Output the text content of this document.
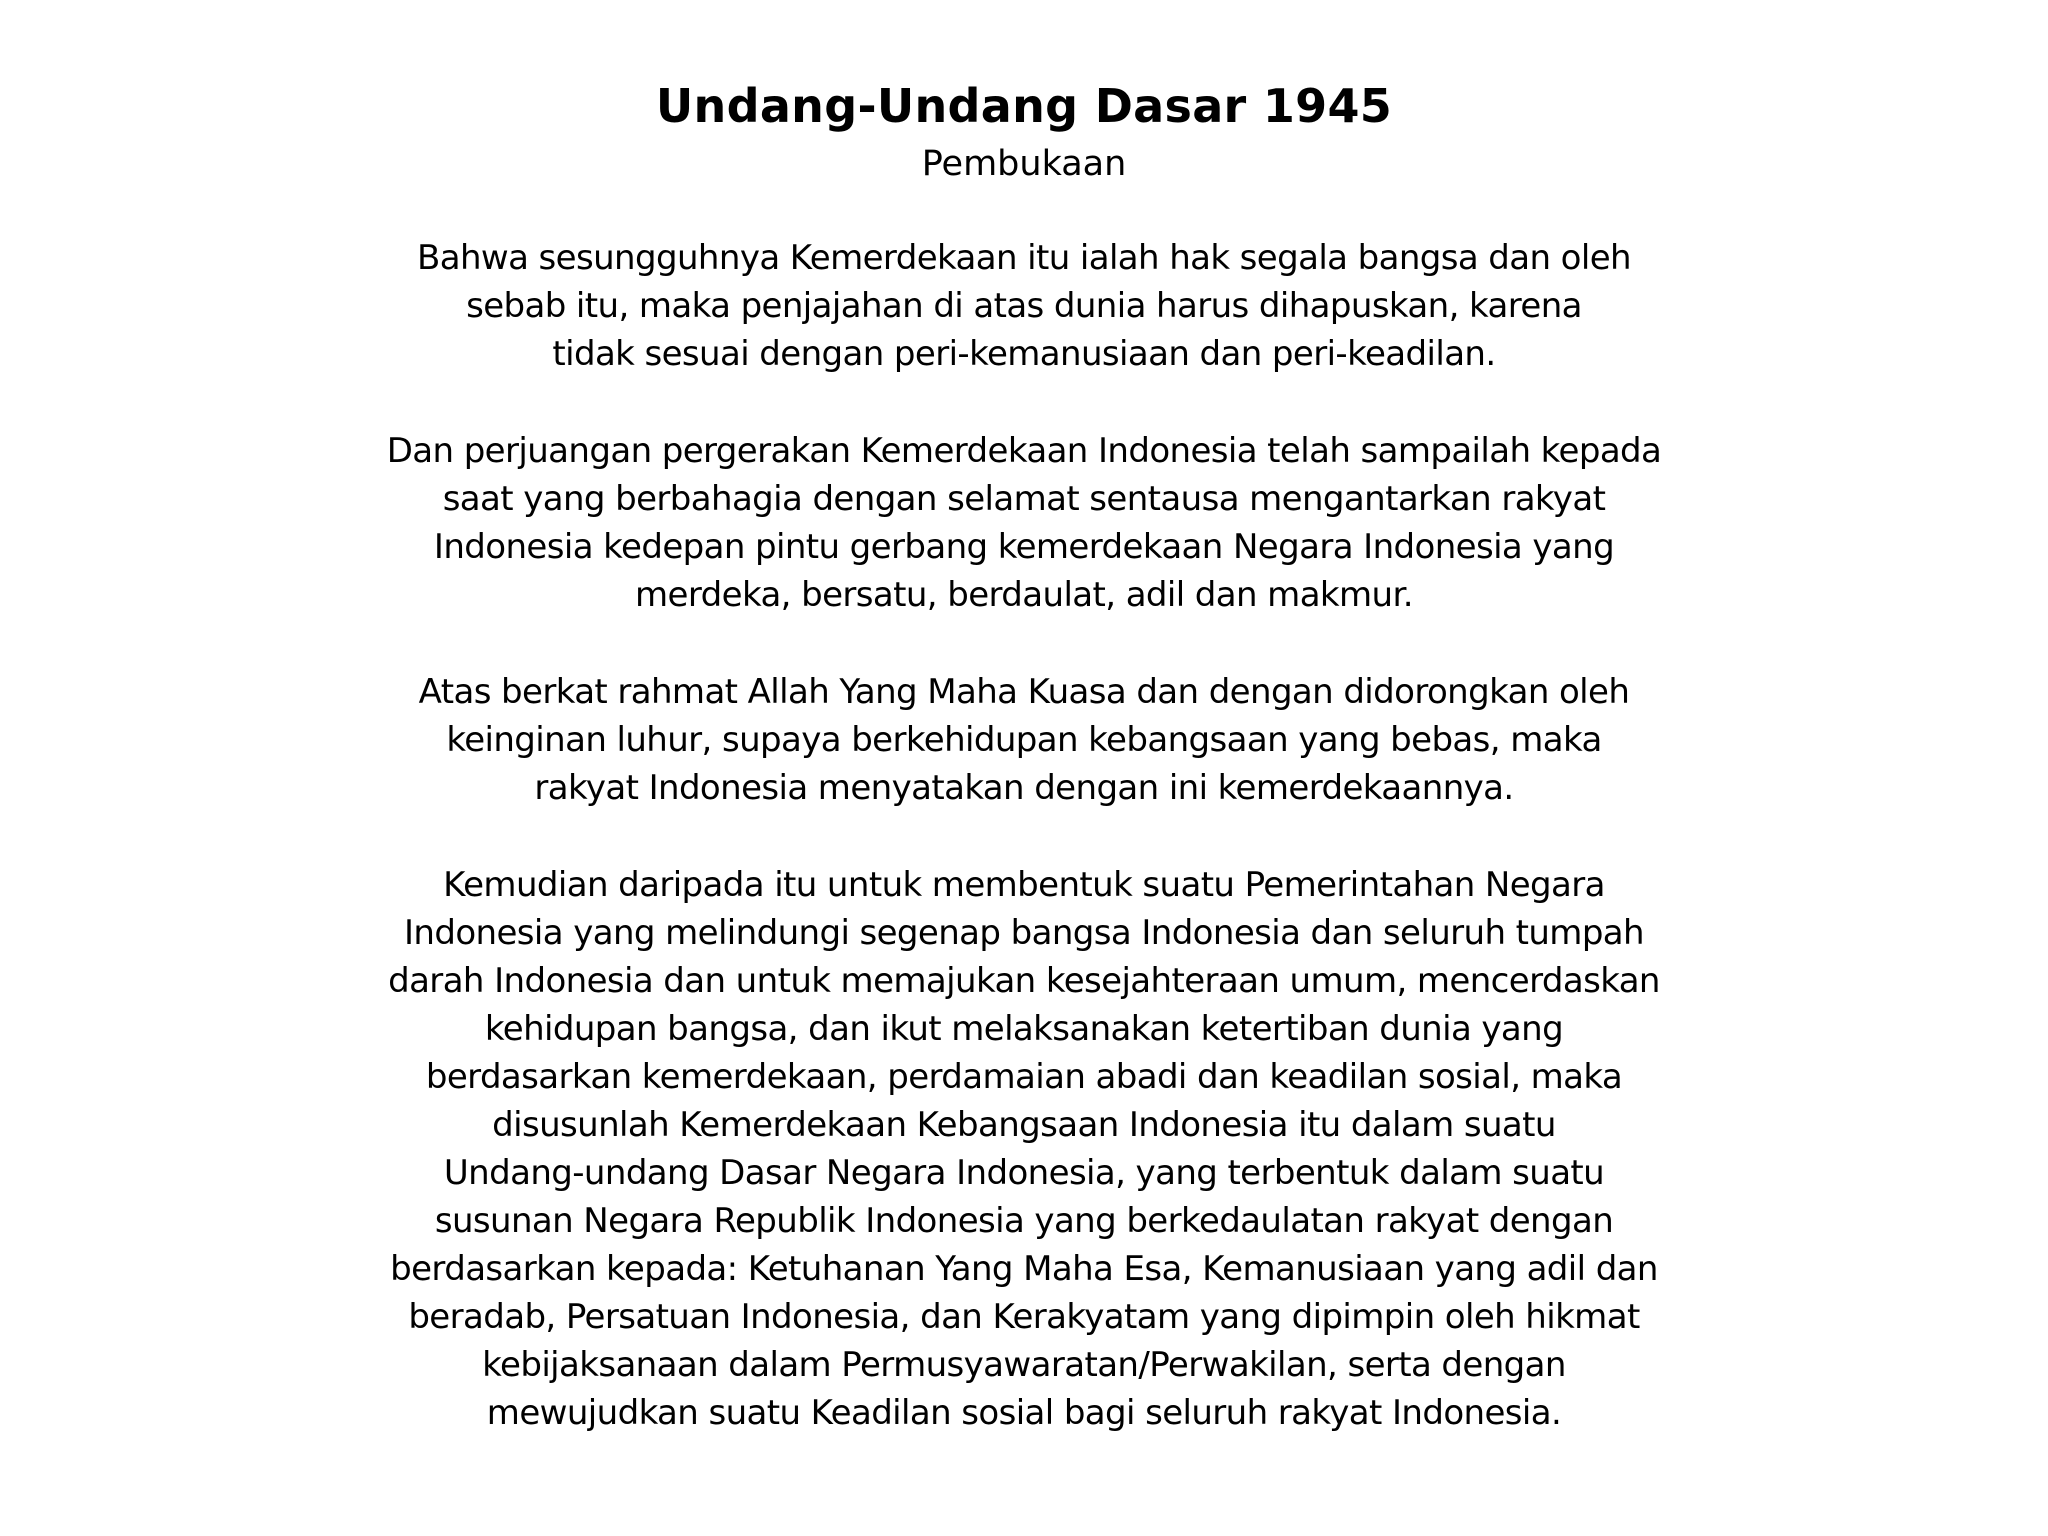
Undang-Undang Dasar 1945
Pembukaan
Bahwa sesungguhnya Kemerdekaan itu ialah hak segala bangsa dan oleh
sebab itu, maka penjajahan di atas dunia harus dihapuskan, karena
tidak sesuai dengan peri-kemanusiaan dan peri-keadilan.
Dan perjuangan pergerakan Kemerdekaan Indonesia telah sampailah kepada
saat yang berbahagia dengan selamat sentausa mengantarkan rakyat
Indonesia kedepan pintu gerbang kemerdekaan Negara Indonesia yang
merdeka, bersatu, berdaulat, adil dan makmur.
Atas berkat rahmat Allah Yang Maha Kuasa dan dengan didorongkan oleh
keinginan luhur, supaya berkehidupan kebangsaan yang bebas, maka
rakyat Indonesia menyatakan dengan ini kemerdekaannya.
Kemudian daripada itu untuk membentuk suatu Pemerintahan Negara
Indonesia yang melindungi segenap bangsa Indonesia dan seluruh tumpah
darah Indonesia dan untuk memajukan kesejahteraan umum, mencerdaskan
kehidupan bangsa, dan ikut melaksanakan ketertiban dunia yang
berdasarkan kemerdekaan, perdamaian abadi dan keadilan sosial, maka
disusunlah Kemerdekaan Kebangsaan Indonesia itu dalam suatu
Undang-undang Dasar Negara Indonesia, yang terbentuk dalam suatu
susunan Negara Republik Indonesia yang berkedaulatan rakyat dengan
berdasarkan kepada: Ketuhanan Yang Maha Esa, Kemanusiaan yang adil dan
beradab, Persatuan Indonesia, dan Kerakyatam yang dipimpin oleh hikmat
kebijaksanaan dalam Permusyawaratan/Perwakilan, serta dengan
mewujudkan suatu Keadilan sosial bagi seluruh rakyat Indonesia.
